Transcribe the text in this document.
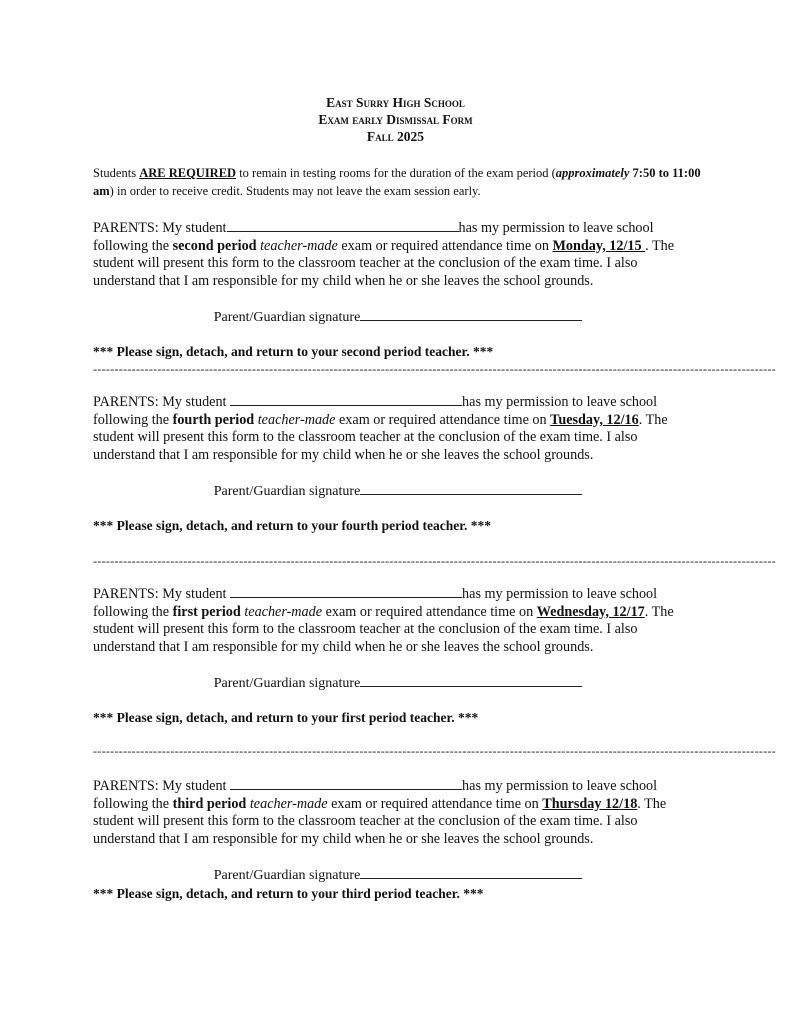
East Surry High School
Exam early Dismissal Form
Fall 2025
Students ARE REQUIRED to remain in testing rooms for the duration of the exam period (approximately 7:50 to 11:00 am) in order to receive credit. Students may not leave the exam session early.
PARENTS: My student	has my permission to leave school
following the second period teacher-made exam or required attendance time on Monday, 12/15 . The
student will present this form to the classroom teacher at the conclusion of the exam time. I also
understand that I am responsible for my child when he or she leaves the school grounds.
Parent/Guardian signature
*** Please sign, detach, and return to your second period teacher. ***
---------------------------------------------------------------------------------------------------------------------------------------------------------------
PARENTS: My student	has my permission to leave school
following the fourth period teacher-made exam or required attendance time on Tuesday, 12/16. The
student will present this form to the classroom teacher at the conclusion of the exam time. I also
understand that I am responsible for my child when he or she leaves the school grounds.
Parent/Guardian signature
*** Please sign, detach, and return to your fourth period teacher. ***
---------------------------------------------------------------------------------------------------------------------------------------------------------------
PARENTS: My student	has my permission to leave school
following the first period teacher-made exam or required attendance time on Wednesday, 12/17. The
student will present this form to the classroom teacher at the conclusion of the exam time. I also
understand that I am responsible for my child when he or she leaves the school grounds.
Parent/Guardian signature
*** Please sign, detach, and return to your first period teacher. ***
---------------------------------------------------------------------------------------------------------------------------------------------------------------
PARENTS: My student	has my permission to leave school
following the third period teacher-made exam or required attendance time on Thursday 12/18. The
student will present this form to the classroom teacher at the conclusion of the exam time. I also
understand that I am responsible for my child when he or she leaves the school grounds.
Parent/Guardian signature
*** Please sign, detach, and return to your third period teacher. ***
